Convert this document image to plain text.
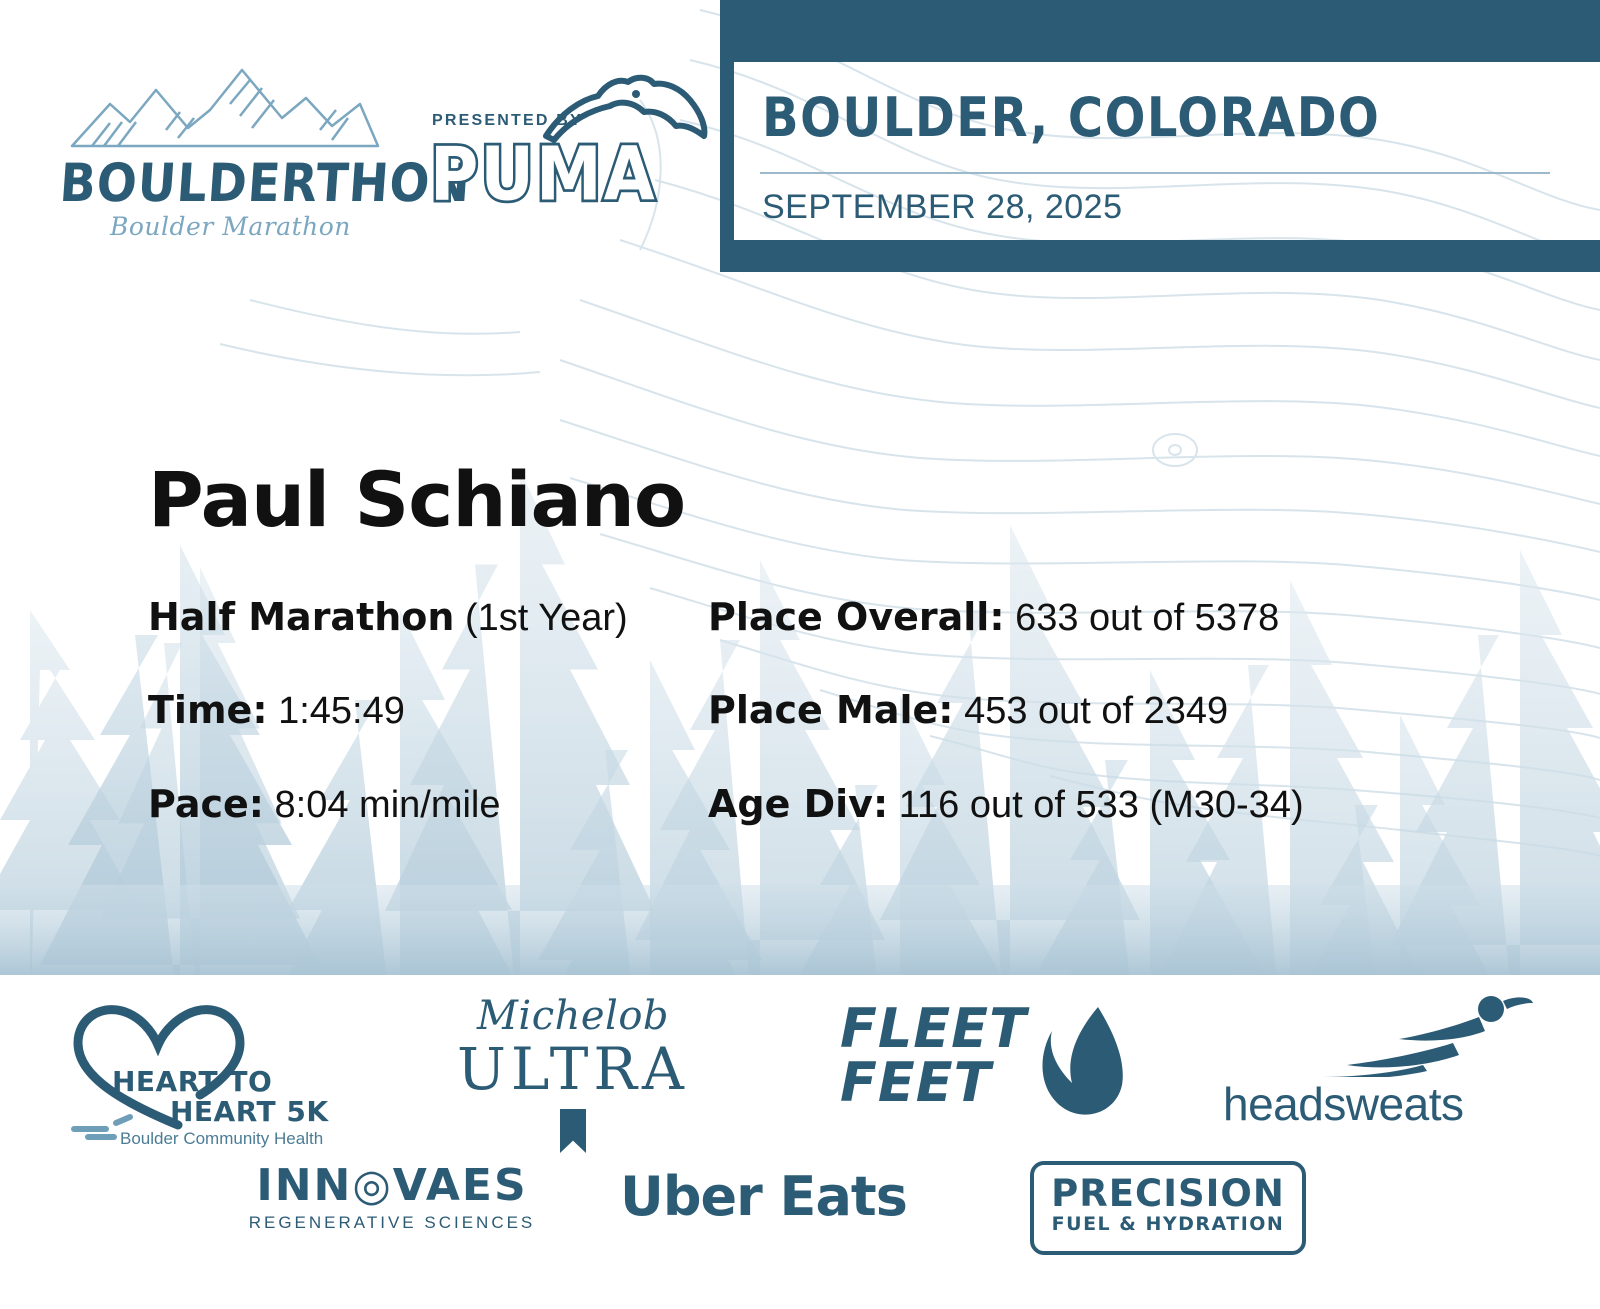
BOULDERTHON
Boulder Marathon
PRESENTED BY
PUMA
BOULDER, COLORADO
SEPTEMBER 28, 2025
Paul Schiano
Half Marathon (1st Year)
Time: 1:45:49
Pace: 8:04 min/mile
Place Overall: 633 out of 5378
Place Male: 453 out of 2349
Age Div: 116 out of 533 (M30-34)
HEART TO
HEART 5K
Boulder Community Health
Michelob
ULTRA
FLEET
FEET	headsweats
INN◎VAES
REGENERATIVE SCIENCES Uber Eats	PRECISION
FUEL & HYDRATION
